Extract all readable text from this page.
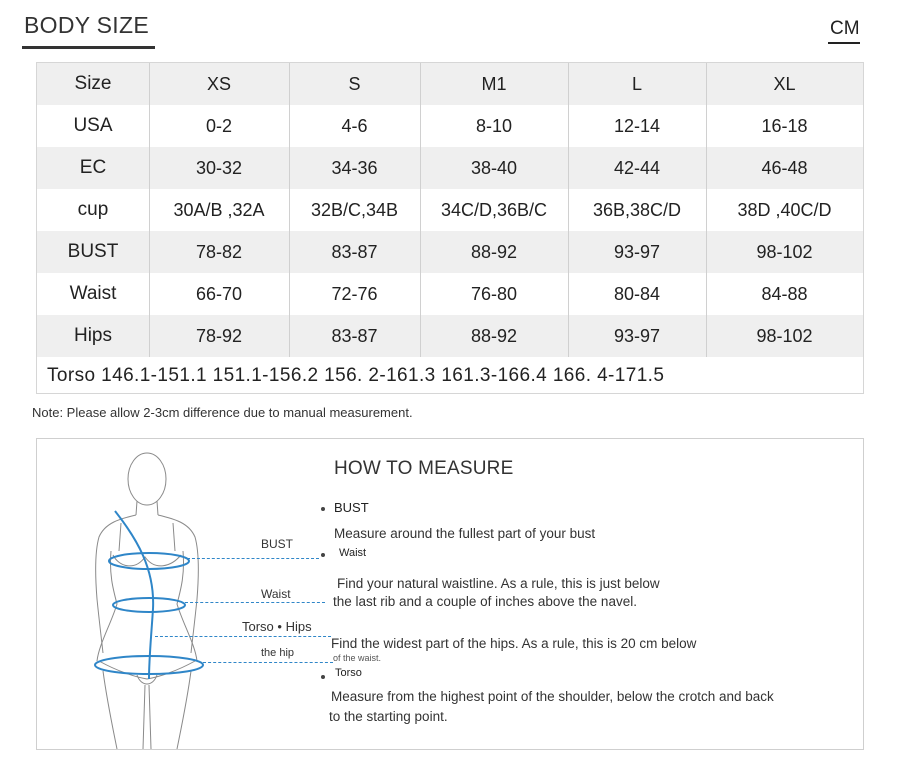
BODY SIZE	CM
Size	XS	S	M1	L	XL
USA	0-2	4-6	8-10	12-14	16-18
EC	30-32	34-36	38-40	42-44	46-48
cup	30A/B ,32A	32B/C,34B	34C/D,36B/C	36B,38C/D	38D ,40C/D
BUST	78-82	83-87	88-92	93-97	98-102
Waist	66-70	72-76	76-80	80-84	84-88
Hips	78-92	83-87	88-92	93-97	98-102
Torso 146.1-151.1 151.1-156.2 156. 2-161.3 161.3-166.4 166. 4-171.5
Note: Please allow 2-3cm difference due to manual measurement.
BUST
Waist
Torso • Hips
the hip
HOW TO MEASURE
BUST
Measure around the fullest part of your bust
Waist
Find your natural waistline. As a rule, this is just below
the last rib and a couple of inches above the navel.
Find the widest part of the hips. As a rule, this is 20 cm below
of the waist.
Torso
Measure from the highest point of the shoulder, below the crotch and back
to the starting point.
